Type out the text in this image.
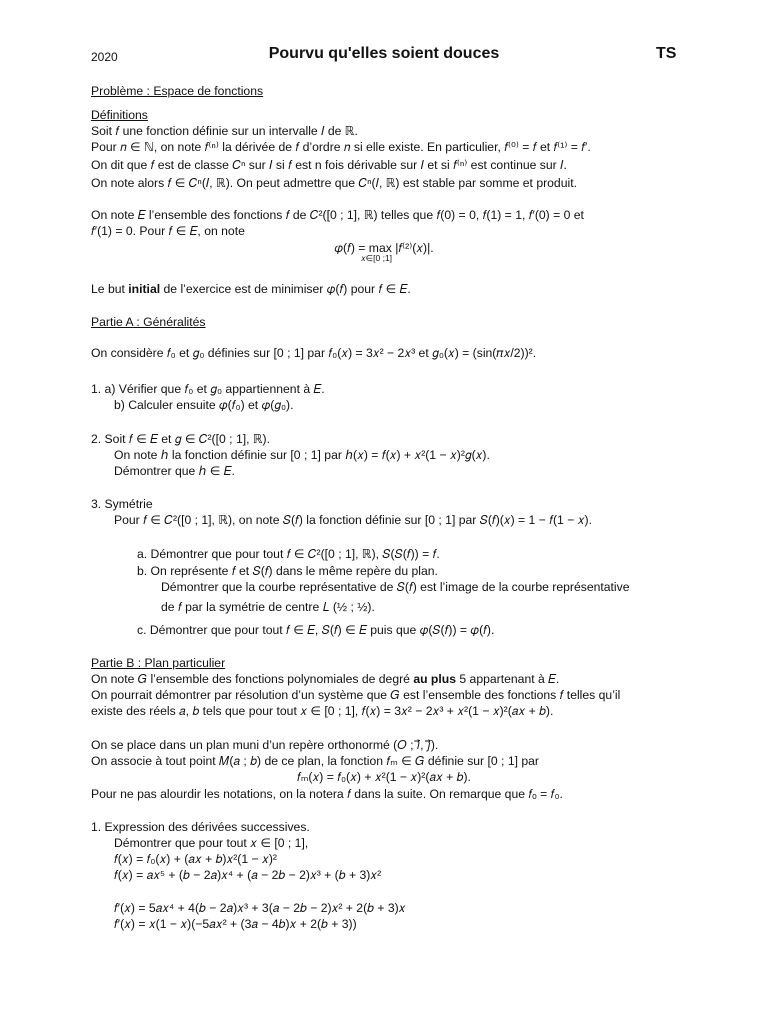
2020	Pourvu qu'elles soient douces	TS
Problème : Espace de fonctions
Définitions
Soit 𝑓 une fonction définie sur un intervalle 𝐼 de ℝ.
Pour 𝑛 ∈ ℕ, on note 𝑓⁽ⁿ⁾ la dérivée de 𝑓 d’ordre 𝑛 si elle existe. En particulier, 𝑓⁽⁰⁾ = 𝑓 et 𝑓⁽¹⁾ = 𝑓′.
On dit que 𝑓 est de classe 𝐶ⁿ sur 𝐼 si 𝑓 est n fois dérivable sur 𝐼 et si 𝑓⁽ⁿ⁾ est continue sur 𝐼.
On note alors 𝑓 ∈ 𝐶ⁿ(𝐼, ℝ). On peut admettre que 𝐶ⁿ(𝐼, ℝ) est stable par somme et produit.
On note 𝐸 l’ensemble des fonctions 𝑓 de 𝐶²([0 ; 1], ℝ) telles que 𝑓(0) = 0, 𝑓(1) = 1, 𝑓′(0) = 0 et
𝑓′(1) = 0. Pour 𝑓 ∈ 𝐸, on note
𝜑(𝑓) = max |𝑓⁽²⁾(𝑥)|.
𝑥∈[0 ;1]
Le but initial de l’exercice est de minimiser 𝜑(𝑓) pour 𝑓 ∈ 𝐸.
Partie A : Généralités
On considère 𝑓₀ et 𝑔₀ définies sur [0 ; 1] par 𝑓₀(𝑥) = 3𝑥² − 2𝑥³ et 𝑔₀(𝑥) = (sin(𝜋𝑥/2))².
1. a) Vérifier que 𝑓₀ et 𝑔₀ appartiennent à 𝐸.
b) Calculer ensuite 𝜑(𝑓₀) et 𝜑(𝑔₀).
2. Soit 𝑓 ∈ 𝐸 et 𝑔 ∈ 𝐶²([0 ; 1], ℝ).
On note ℎ la fonction définie sur [0 ; 1] par ℎ(𝑥) = 𝑓(𝑥) + 𝑥²(1 − 𝑥)²𝑔(𝑥).
Démontrer que ℎ ∈ 𝐸.
3. Symétrie
Pour 𝑓 ∈ 𝐶²([0 ; 1], ℝ), on note 𝑆(𝑓) la fonction définie sur [0 ; 1] par 𝑆(𝑓)(𝑥) = 1 − 𝑓(1 − 𝑥).
a. Démontrer que pour tout 𝑓 ∈ 𝐶²([0 ; 1], ℝ), 𝑆(𝑆(𝑓)) = 𝑓.
b. On représente 𝑓 et 𝑆(𝑓) dans le même repère du plan.
Démontrer que la courbe représentative de 𝑆(𝑓) est l’image de la courbe représentative
de 𝑓 par la symétrie de centre 𝐿 (½ ; ½).
c. Démontrer que pour tout 𝑓 ∈ 𝐸, 𝑆(𝑓) ∈ 𝐸 puis que 𝜑(𝑆(𝑓)) = 𝜑(𝑓).
Partie B : Plan particulier
On note 𝐺 l’ensemble des fonctions polynomiales de degré au plus 5 appartenant à 𝐸.
On pourrait démontrer par résolution d’un système que 𝐺 est l’ensemble des fonctions 𝑓 telles qu’il
existe des réels 𝑎, 𝑏 tels que pour tout 𝑥 ∈ [0 ; 1], 𝑓(𝑥) = 3𝑥² − 2𝑥³ + 𝑥²(1 − 𝑥)²(𝑎𝑥 + 𝑏).
On se place dans un plan muni d’un repère orthonormé (𝑂 ; 𝑖⃗, 𝑗⃗).
On associe à tout point 𝑀(𝑎 ; 𝑏) de ce plan, la fonction 𝑓ₘ ∈ 𝐺 définie sur [0 ; 1] par
𝑓ₘ(𝑥) = 𝑓₀(𝑥) + 𝑥²(1 − 𝑥)²(𝑎𝑥 + 𝑏).
Pour ne pas alourdir les notations, on la notera 𝑓 dans la suite. On remarque que 𝑓ₒ = 𝑓₀.
1. Expression des dérivées successives.
Démontrer que pour tout 𝑥 ∈ [0 ; 1],
𝑓(𝑥) = 𝑓₀(𝑥) + (𝑎𝑥 + 𝑏)𝑥²(1 − 𝑥)²
𝑓(𝑥) = 𝑎𝑥⁵ + (𝑏 − 2𝑎)𝑥⁴ + (𝑎 − 2𝑏 − 2)𝑥³ + (𝑏 + 3)𝑥²
𝑓′(𝑥) = 5𝑎𝑥⁴ + 4(𝑏 − 2𝑎)𝑥³ + 3(𝑎 − 2𝑏 − 2)𝑥² + 2(𝑏 + 3)𝑥
𝑓′(𝑥) = 𝑥(1 − 𝑥)(−5𝑎𝑥² + (3𝑎 − 4𝑏)𝑥 + 2(𝑏 + 3))
